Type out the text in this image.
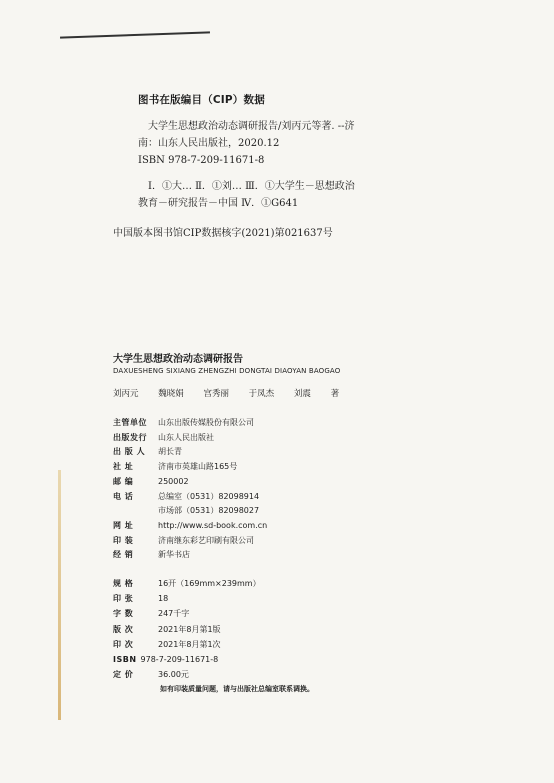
图书在版编目（CIP）数据
大学生思想政治动态调研报告/刘丙元等著. --济
南：山东人民出版社，2020.12
ISBN 978-7-209-11671-8
Ⅰ．①大… Ⅱ．①刘… Ⅲ．①大学生－思想政治
教育－研究报告－中国 Ⅳ．①G641
中国版本图书馆CIP数据核字(2021)第021637号
大学生思想政治动态调研报告
DAXUESHENG SIXIANG ZHENGZHI DONGTAI DIAOYAN BAOGAO
刘丙元 魏晓娟 宫秀丽 于凤杰 刘震 著
主管单位	山东出版传媒股份有限公司
出版发行	山东人民出版社
出 版 人	胡长青
社 址	济南市英雄山路165号
邮 编	250002
电 话	总编室（0531）82098914
市场部（0531）82098027
网 址	http://www.sd-book.com.cn
印 装	济南继东彩艺印刷有限公司
经 销	新华书店
规 格	16开（169mm×239mm）
印 张	18
字 数	247千字
版 次	2021年8月第1版
印 次	2021年8月第1次
ISBN 978-7-209-11671-8
定 价	36.00元
如有印装质量问题，请与出版社总编室联系调换。
